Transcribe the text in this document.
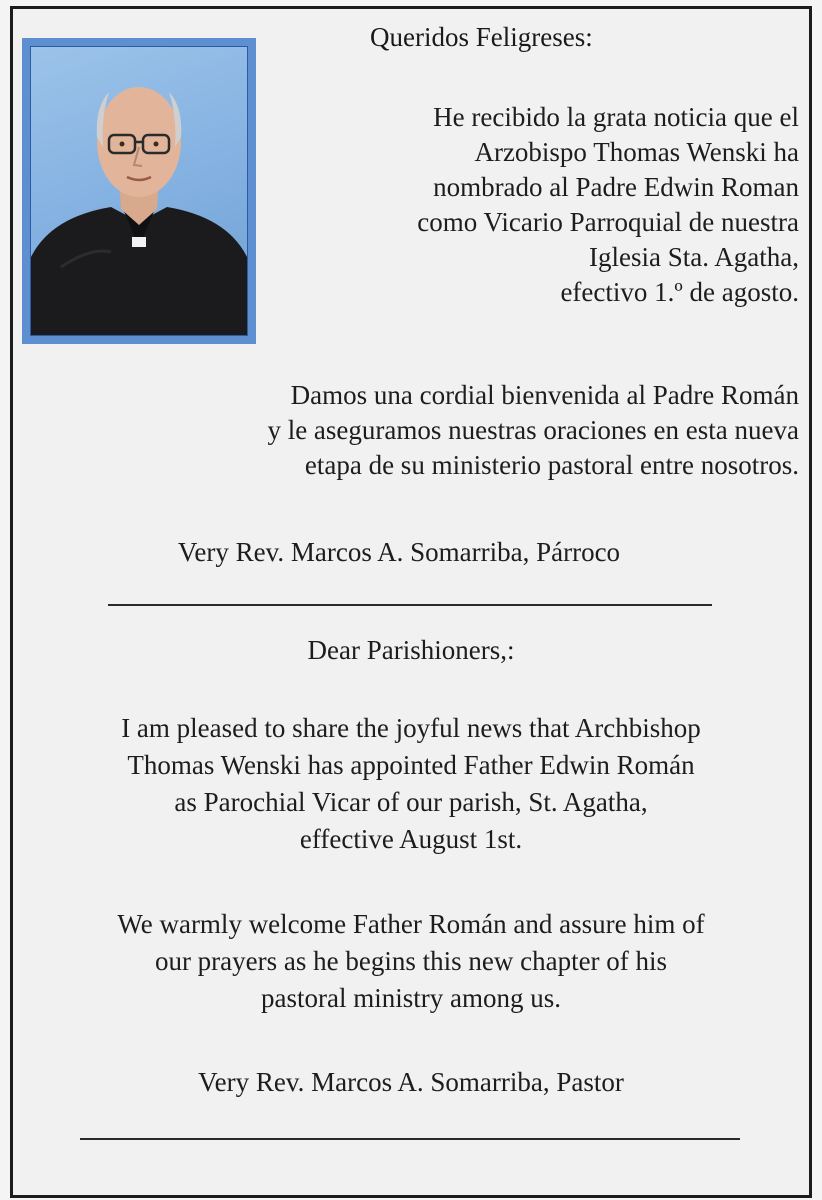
Queridos Feligreses:
He recibido la grata noticia que el
Arzobispo Thomas Wenski ha
nombrado al Padre Edwin Roman
como Vicario Parroquial de nuestra
Iglesia Sta. Agatha,
efectivo 1.º de agosto.
Damos una cordial bienvenida al Padre Román
y le aseguramos nuestras oraciones en esta nueva
etapa de su ministerio pastoral entre nosotros.
Very Rev. Marcos A. Somarriba, Párroco
Dear Parishioners,:
I am pleased to share the joyful news that Archbishop
Thomas Wenski has appointed Father Edwin Román
as Parochial Vicar of our parish, St. Agatha,
effective August 1st.
We warmly welcome Father Román and assure him of
our prayers as he begins this new chapter of his
pastoral ministry among us.
Very Rev. Marcos A. Somarriba, Pastor
